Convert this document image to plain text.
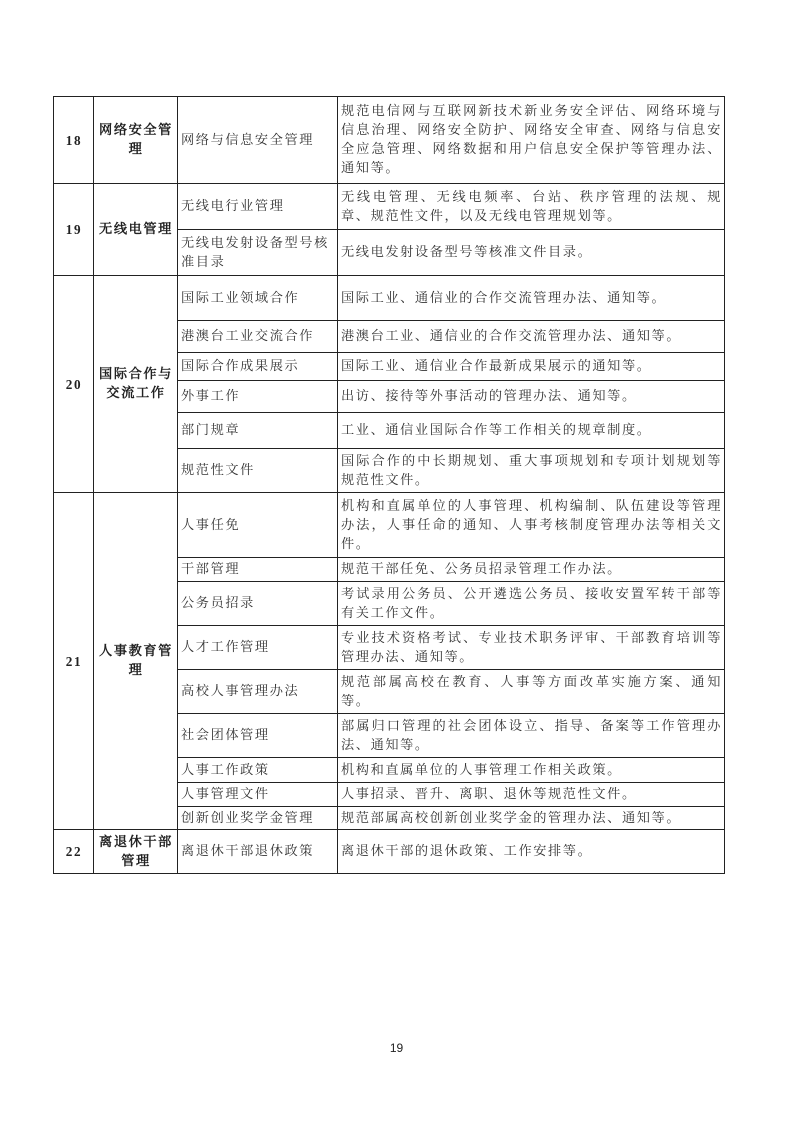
18	网络安全管理	网络与信息安全管理	规范电信网与互联网新技术新业务安全评估、网络环境与信息治理、网络安全防护、网络安全审查、网络与信息安全应急管理、网络数据和用户信息安全保护等管理办法、通知等。
19	无线电管理	无线电行业管理	无线电管理、无线电频率、台站、秩序管理的法规、规章、规范性文件，以及无线电管理规划等。
		无线电发射设备型号核准目录	无线电发射设备型号等核准文件目录。
20	国际合作与交流工作	国际工业领域合作	国际工业、通信业的合作交流管理办法、通知等。
		港澳台工业交流合作	港澳台工业、通信业的合作交流管理办法、通知等。
		国际合作成果展示	国际工业、通信业合作最新成果展示的通知等。
		外事工作	出访、接待等外事活动的管理办法、通知等。
		部门规章	工业、通信业国际合作等工作相关的规章制度。
		规范性文件	国际合作的中长期规划、重大事项规划和专项计划规划等规范性文件。
21	人事教育管理	人事任免	机构和直属单位的人事管理、机构编制、队伍建设等管理办法，人事任命的通知、人事考核制度管理办法等相关文件。
		干部管理	规范干部任免、公务员招录管理工作办法。
		公务员招录	考试录用公务员、公开遴选公务员、接收安置军转干部等有关工作文件。
		人才工作管理	专业技术资格考试、专业技术职务评审、干部教育培训等管理办法、通知等。
		高校人事管理办法	规范部属高校在教育、人事等方面改革实施方案、通知等。
		社会团体管理	部属归口管理的社会团体设立、指导、备案等工作管理办法、通知等。
		人事工作政策	机构和直属单位的人事管理工作相关政策。
		人事管理文件	人事招录、晋升、离职、退休等规范性文件。
		创新创业奖学金管理	规范部属高校创新创业奖学金的管理办法、通知等。
22	离退休干部管理	离退休干部退休政策	离退休干部的退休政策、工作安排等。
19
